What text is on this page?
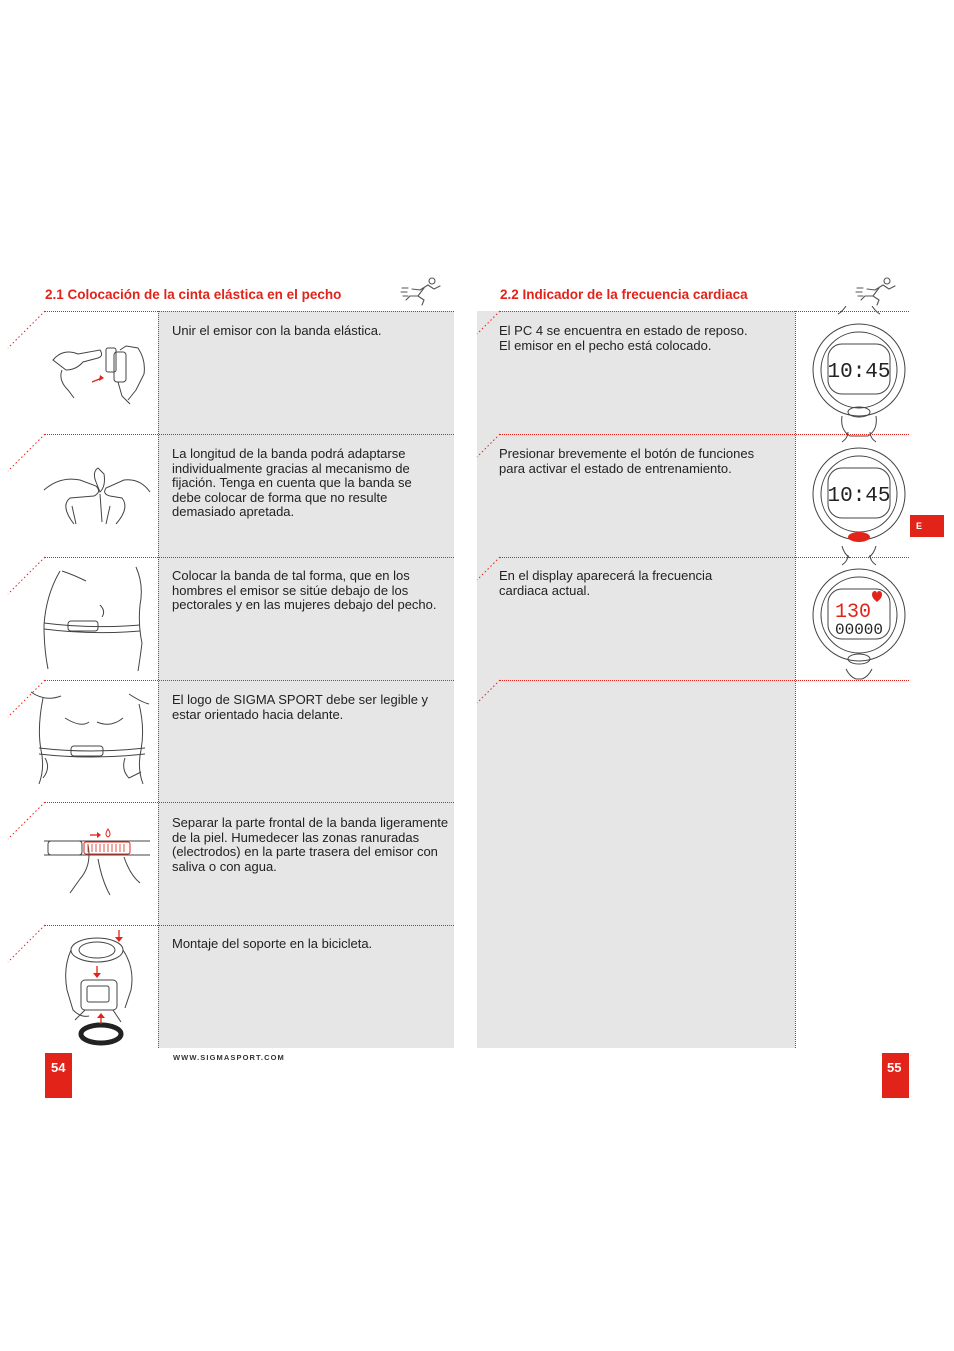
2.1 Colocación de la cinta elástica en el pecho	2.2 Indicador de la frecuencia cardiaca
Unir el emisor con la banda elástica.
La longitud de la banda podrá adaptarse
individualmente gracias al mecanismo de
fijación. Tenga en cuenta que la banda se
debe colocar de forma que no resulte
demasiado apretada.
Colocar la banda de tal forma, que en los
hombres el emisor se sitúe debajo de los
pectorales y en las mujeres debajo del pecho.
El logo de SIGMA SPORT debe ser legible y
estar orientado hacia delante.
Separar la parte frontal de la banda ligeramente
de la piel. Humedecer las zonas ranuradas
(electrodos) en la parte trasera del emisor con
saliva o con agua.
Montaje del soporte en la bicicleta.
El PC 4 se encuentra en estado de reposo.
El emisor en el pecho está colocado.
Presionar brevemente el botón de funciones
para activar el estado de entrenamiento.
En el display aparecerá la frecuencia
cardiaca actual.
10:45
10:45
130
00000
54	55
E
WWW.SIGMASPORT.COM
